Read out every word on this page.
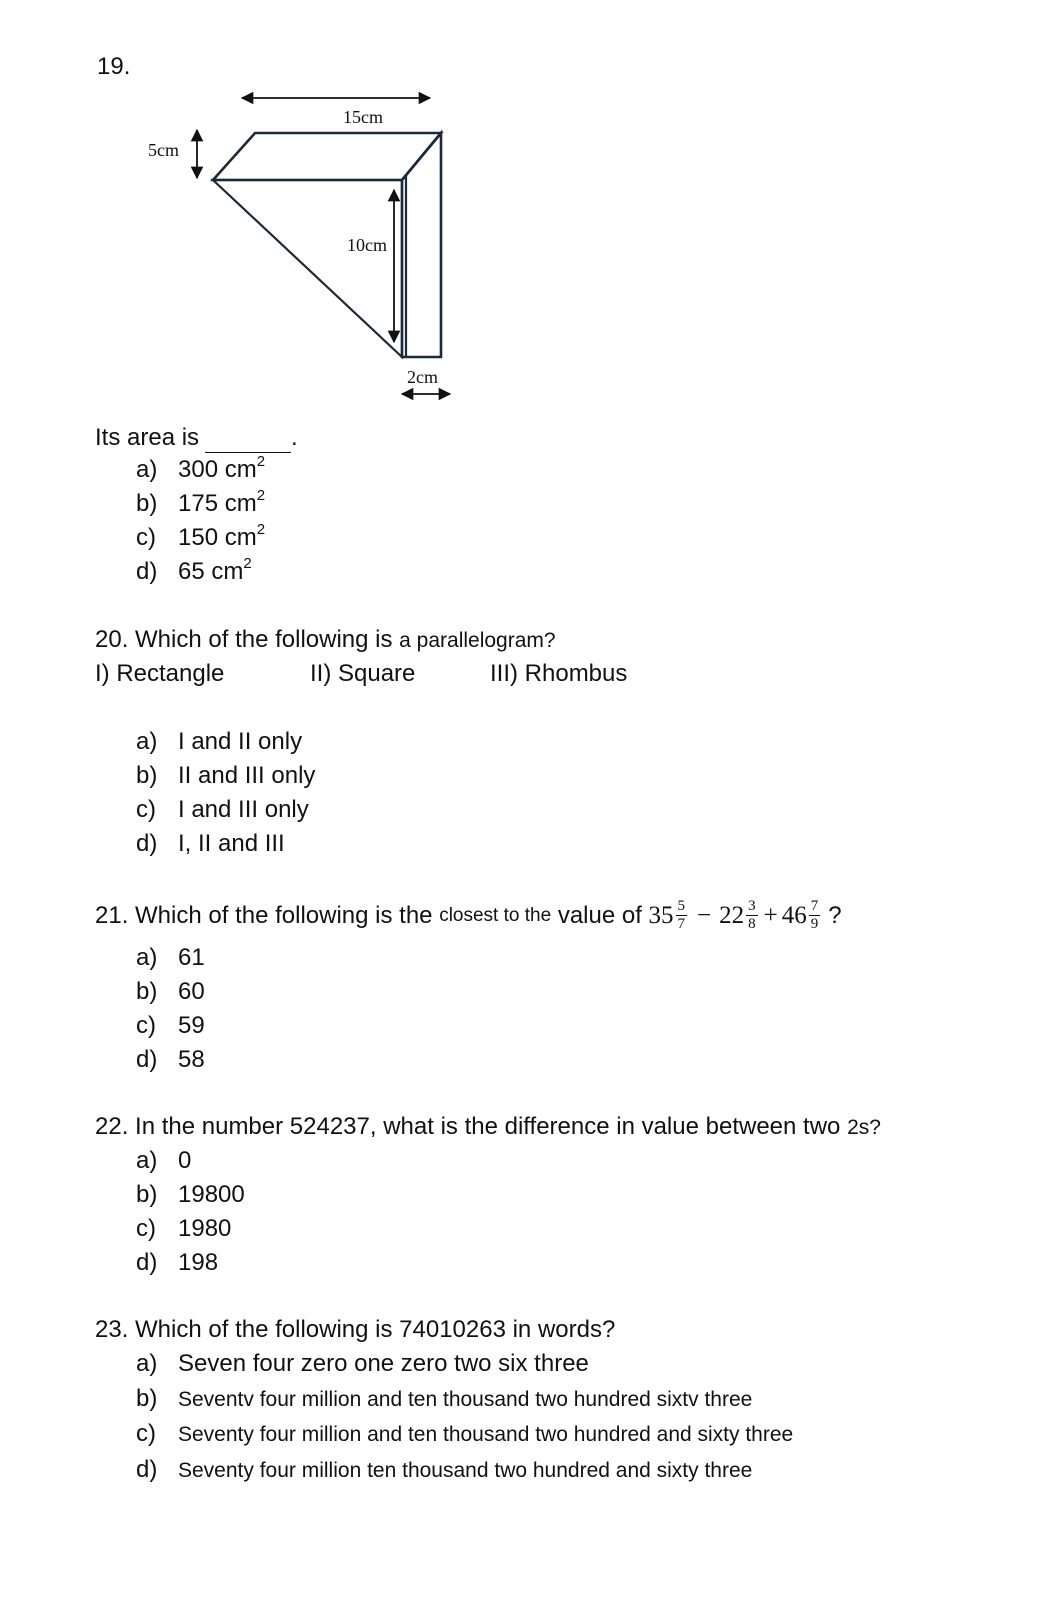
19.
15cm
5cm
10cm
2cm
Its area is	.
a) 300 $cm^2$
b) 175 $cm^2$
c) 150 $cm^2$
d) 65 $cm^2$
20. Which of the following is a parallelogram?
I) Rectangle	II) Square	III) Rhombus
a) I and II only
b) II and III only
c) I and III only
d) I, II and III
21. Which of the following is the
closest to the
value of
$35 \frac{5}{7} - 22 \frac{3}{8} + 46 \frac{7}{9}$ ?
a) 61
b) 60
c) 59
d) 58
22. In the number 524237, what is the difference in value between two 2s?
a) 0
b) 19800
c) 1980
d) 198
23. Which of the following is 74010263 in words?
a) Seven four zero one zero two six three
b) Seventv four million and ten thousand two hundred sixtv three
c) Seventy four million and ten thousand two hundred and sixty three
d) Seventy four million ten thousand two hundred and sixty three
